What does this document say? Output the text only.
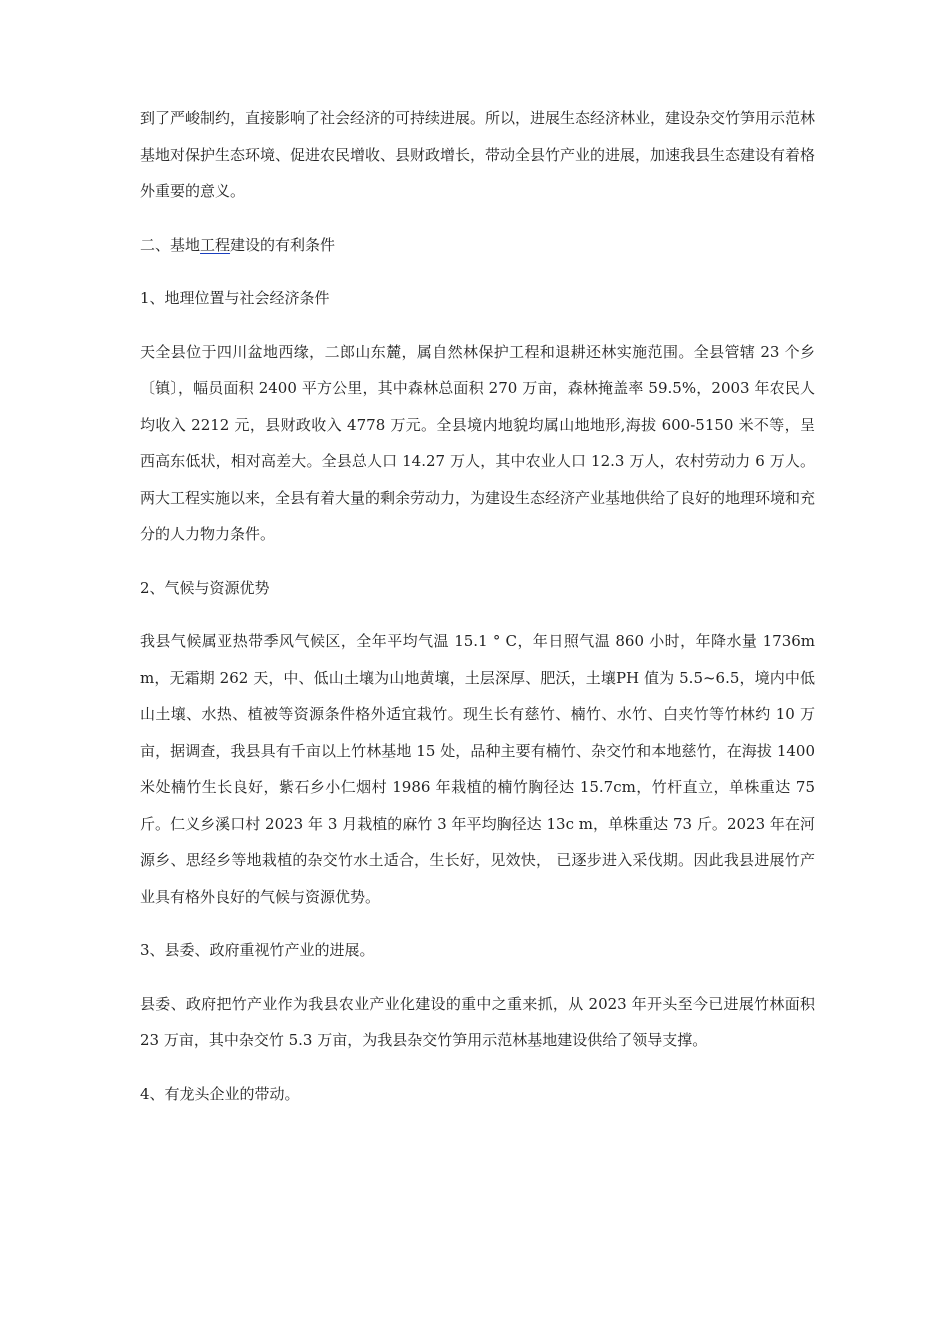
到了严峻制约，直接影响了社会经济的可持续进展。所以，进展生态经济林业，建设杂交竹笋用示范林基地对保护生态环境、促进农民增收、县财政增长，带动全县竹产业的进展，加速我县生态建设有着格外重要的意义。

二、基地工程建设的有利条件

1、地理位置与社会经济条件

天全县位于四川盆地西缘，二郎山东麓，属自然林保护工程和退耕还林实施范围。全县管辖 23 个乡〔镇〕，幅员面积 2400 平方公里，其中森林总面积 270 万亩，森林掩盖率 59.5%，2003 年农民人均收入 2212 元，县财政收入 4778 万元。全县境内地貌均属山地地形,海拔 600-5150 米不等，呈西高东低状，相对高差大。全县总人口 14.27 万人，其中农业人口 12.3 万人，农村劳动力 6 万人。两大工程实施以来，全县有着大量的剩余劳动力，为建设生态经济产业基地供给了良好的地理环境和充分的人力物力条件。

2、气候与资源优势

我县气候属亚热带季风气候区，全年平均气温 15.1 ° C，年日照气温 860 小时，年降水量 1736mm，无霜期 262 天，中、低山土壤为山地黄壤，土层深厚、肥沃，土壤PH 值为 5.5~6.5，境内中低山土壤、水热、植被等资源条件格外适宜栽竹。现生长有慈竹、楠竹、水竹、白夹竹等竹林约 10 万亩，据调查，我县具有千亩以上竹林基地 15 处，品种主要有楠竹、杂交竹和本地慈竹，在海拔 1400 米处楠竹生长良好，紫石乡小仁烟村 1986 年栽植的楠竹胸径达 15.7cm，竹杆直立，单株重达 75 斤。仁义乡溪口村 2023 年 3 月栽植的麻竹 3 年平均胸径达 13c m，单株重达 73 斤。2023 年在河源乡、思经乡等地栽植的杂交竹水土适合，生长好，见效快， 已逐步进入采伐期。因此我县进展竹产业具有格外良好的气候与资源优势。

3、县委、政府重视竹产业的进展。

县委、政府把竹产业作为我县农业产业化建设的重中之重来抓，从 2023 年开头至今已进展竹林面积 23 万亩，其中杂交竹 5.3 万亩，为我县杂交竹笋用示范林基地建设供给了领导支撑。

4、有龙头企业的带动。
